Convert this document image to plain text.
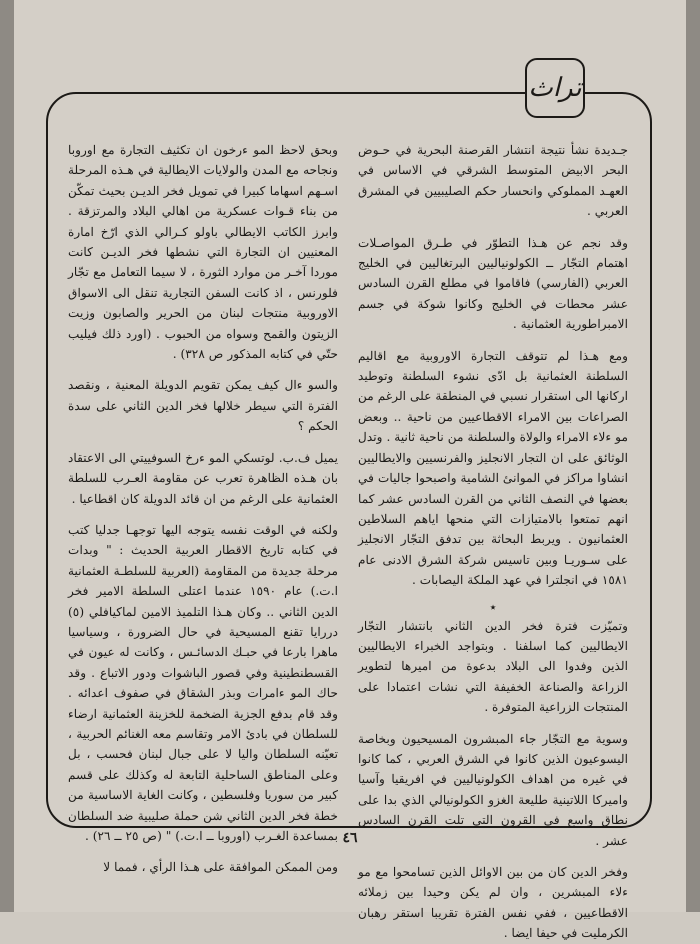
تراث

جـديدة نشأ نتيجة انتشار القرصنة البحرية في حـوض البحر الابيض المتوسط الشرقي في الاساس في العهـد المملوكي وانحسار حكم الصليبيين في المشرق العربي .

وقد نجم عن هـذا التطوّر في طـرق المواصـلات اهتمام التجّار ــ الكولونياليين البرتغاليين في الخليج العربي (الفارسي) فاقاموا في مطلع القرن السادس عشر محطات في الخليج وكانوا شوكة في جسم الامبراطورية العثمانية .

ومع هـذا لم تتوقف التجارة الاوروبية مع اقاليم السلطنة العثمانية بل ادّى نشوء السلطنة وتوطيد اركانها الى استقرار نسبي في المنطقة على الرغم من الصراعات بين الامراء الاقطاعيين من ناحية .. وبعض مو ءلاء الامراء والولاة والسلطنة من ناحية ثانية . وتدل الوثائق على ان التجار الانجليز والفرنسيين والايطاليين انشاوا مراكز في الموانئ الشامية واصبحوا جاليات في بعضها في النصف الثاني من القرن السادس عشر كما انهم تمتعوا بالامتيازات التي منحها اياهم السلاطين العثمانيون . ويربط البحاثة بين تدفق التجّار الانجليز على سـوريـا وبين تاسيس شركة الشرق الادنى عام ١٥٨١ في انجلترا في عهد الملكة اليصابات .

٭

وتميّزت فترة فخر الدين الثاني بانتشار التجّار الايطاليين كما اسلفنا . وبتواجد الخبراء الايطاليين الذين وفدوا الى البلاد بدعوة من اميرها لتطوير الزراعة والصناعة الخفيفة التي نشات اعتمادا على المنتجات الزراعية المتوفرة .

وسوية مع التجّار جاء المبشرون المسيحيون وبخاصة اليسوعيون الذين كانوا في الشرق العربي ، كما كانوا في غيره من اهداف الكولونياليين في افريقيا وآسيا واميركا اللاتينية طليعة الغزو الكولونيالي الذي بدا على نطاق واسع في القرون التي تلت القرن السادس عشر .

وفخر الدين كان من بين الاوائل الذين تسامحوا مع مو ءلاء المبشرين ، وان لم يكن وحيدا بين زملائه الاقطاعيين ، ففي نفس الفترة تقريبا استقر رهبان الكرمليت في حيفا ايضا .

وبحق لاحظ المو ءرخون ان تكثيف التجارة مع اوروبا ونجاحه مع المدن والولايات الايطالية في هـذه المرحلة اسـهم اسهاما كبيرا في تمويل فخر الديـن بحيث تمكّن من بناء قـوات عسكرية من اهالي البلاد والمرتزقة . وابرز الكاتب الايطالي باولو كـرالي الذي ارّخ امارة المعنيين ان التجارة التي نشطها فخر الديـن كانت موردا آخـر من موارد الثورة ، لا سيما التعامل مع تجّار فلورنس ، اذ كانت السفن التجارية تنقل الى الاسواق الاوروبية منتجات لبنان من الحرير والصابون وزيت الزيتون والقمح وسواه من الحبوب . (اورد ذلك فيليب حتّي في كتابه المذكور ص ٣٢٨) .

والسو ءال كيف يمكن تقويم الدويلة المعنية ، ونقصد الفترة التي سيطر خلالها فخر الدين الثاني على سدة الحكم ؟

يميل ف.ب. لوتسكي المو ءرخ السوفييتي الى الاعتقاد بان هـذه الظاهرة تعرب عن مقاومة العـرب للسلطة العثمانية على الرغم من ان قائد الدويلة كان اقطاعيا .

ولكنه في الوقت نفسه يتوجه اليها توجهـا جدليا كتب في كتابه تاريخ الاقطار العربية الحديث : " وبدات مرحلة جديدة من المقاومة (العربية للسلطـة العثمانية ا.ت.) عام ١٥٩٠ عندما اعتلى السلطة الامير فخر الدين الثاني .. وكان هـذا التلميذ الامين لماكيافلي (٥) دررايا تقنع المسيحية في حال الضرورة ، وسياسيا ماهرا بارعا في حبـك الدسائـس ، وكانت له عيون في القسطنطينية وفي قصور الباشوات ودور الاتباع . وقد حاك المو ءامرات وبذر الشقاق في صفوف اعدائه . وقد قام بدفع الجزية الضخمة للخزينة العثمانية ارضاء للسلطان في بادئ الامر وتقاسم معه الغنائم الحربية ، تعيّنه السلطان واليا لا على جبال لبنان فحسب ، بل وعلى المناطق الساحلية التابعة له وكذلك على قسم كبير من سوريا وفلسطين ، وكانت الغاية الاساسية من خطة فخر الدين الثاني شن حملة صليبية ضد السلطان بمساعدة الغـرب (اوروبا ــ ا.ت.) " (ص ٢٥ ــ ٢٦) .

ومن الممكن الموافقة على هـذا الرأي ، فمما لا

٤٦
